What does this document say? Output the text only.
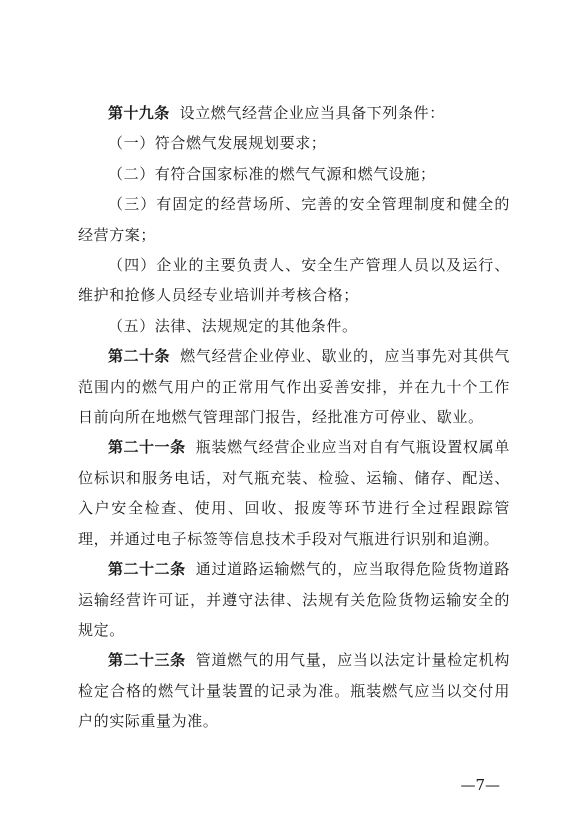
第十九条 设立燃气经营企业应当具备下列条件：

（一）符合燃气发展规划要求；

（二）有符合国家标准的燃气气源和燃气设施；

（三）有固定的经营场所、完善的安全管理制度和健全的经营方案；

（四）企业的主要负责人、安全生产管理人员以及运行、维护和抢修人员经专业培训并考核合格；

（五）法律、法规规定的其他条件。

第二十条 燃气经营企业停业、歇业的，应当事先对其供气范围内的燃气用户的正常用气作出妥善安排，并在九十个工作日前向所在地燃气管理部门报告，经批准方可停业、歇业。

第二十一条 瓶装燃气经营企业应当对自有气瓶设置权属单位标识和服务电话，对气瓶充装、检验、运输、储存、配送、入户安全检查、使用、回收、报废等环节进行全过程跟踪管理，并通过电子标签等信息技术手段对气瓶进行识别和追溯。

第二十二条 通过道路运输燃气的，应当取得危险货物道路运输经营许可证，并遵守法律、法规有关危险货物运输安全的规定。

第二十三条 管道燃气的用气量，应当以法定计量检定机构检定合格的燃气计量装置的记录为准。瓶装燃气应当以交付用户的实际重量为准。

—7—
